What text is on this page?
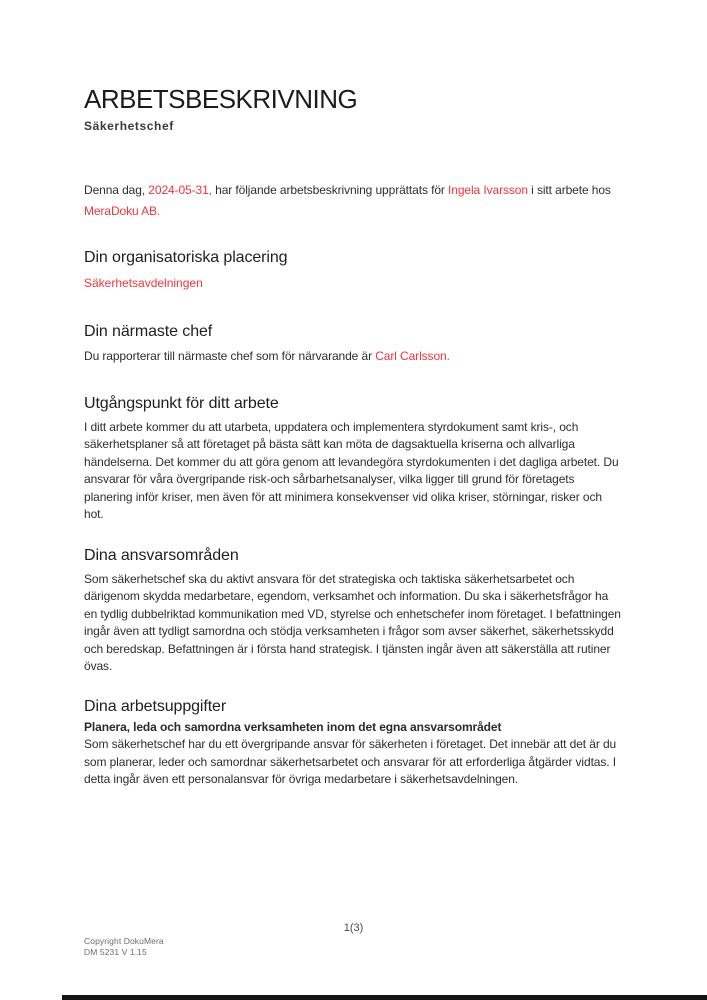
ARBETSBESKRIVNING
Säkerhetschef

Denna dag, 2024-05-31, har följande arbetsbeskrivning upprättats för Ingela Ivarsson i sitt arbete hos MeraDoku AB.

Din organisatoriska placering
Säkerhetsavdelningen
Din närmaste chef

Du rapporterar till närmaste chef som för närvarande är Carl Carlsson.

Utgångspunkt för ditt arbete

I ditt arbete kommer du att utarbeta, uppdatera och implementera styrdokument samt kris-, och säkerhetsplaner så att företaget på bästa sätt kan möta de dagsaktuella kriserna och allvarliga händelserna. Det kommer du att göra genom att levandegöra styrdokumenten i det dagliga arbetet. Du ansvarar för våra övergripande risk-och sårbarhetsanalyser, vilka ligger till grund för företagets planering inför kriser, men även för att minimera konsekvenser vid olika kriser, störningar, risker och hot.

Dina ansvarsområden

Som säkerhetschef ska du aktivt ansvara för det strategiska och taktiska säkerhetsarbetet och därigenom skydda medarbetare, egendom, verksamhet och information. Du ska i säkerhetsfrågor ha en tydlig dubbelriktad kommunikation med VD, styrelse och enhetschefer inom företaget. I befattningen ingår även att tydligt samordna och stödja verksamheten i frågor som avser säkerhet, säkerhetsskydd och beredskap. Befattningen är i första hand strategisk. I tjänsten ingår även att säkerställa att rutiner övas.

Dina arbetsuppgifter
Planera, leda och samordna verksamheten inom det egna ansvarsområdet

Som säkerhetschef har du ett övergripande ansvar för säkerheten i företaget. Det innebär att det är du som planerar, leder och samordnar säkerhetsarbetet och ansvarar för att erforderliga åtgärder vidtas. I detta ingår även ett personalansvar för övriga medarbetare i säkerhetsavdelningen.

1(3)
Copyright DokuMera
DM 5231 V 1.15
